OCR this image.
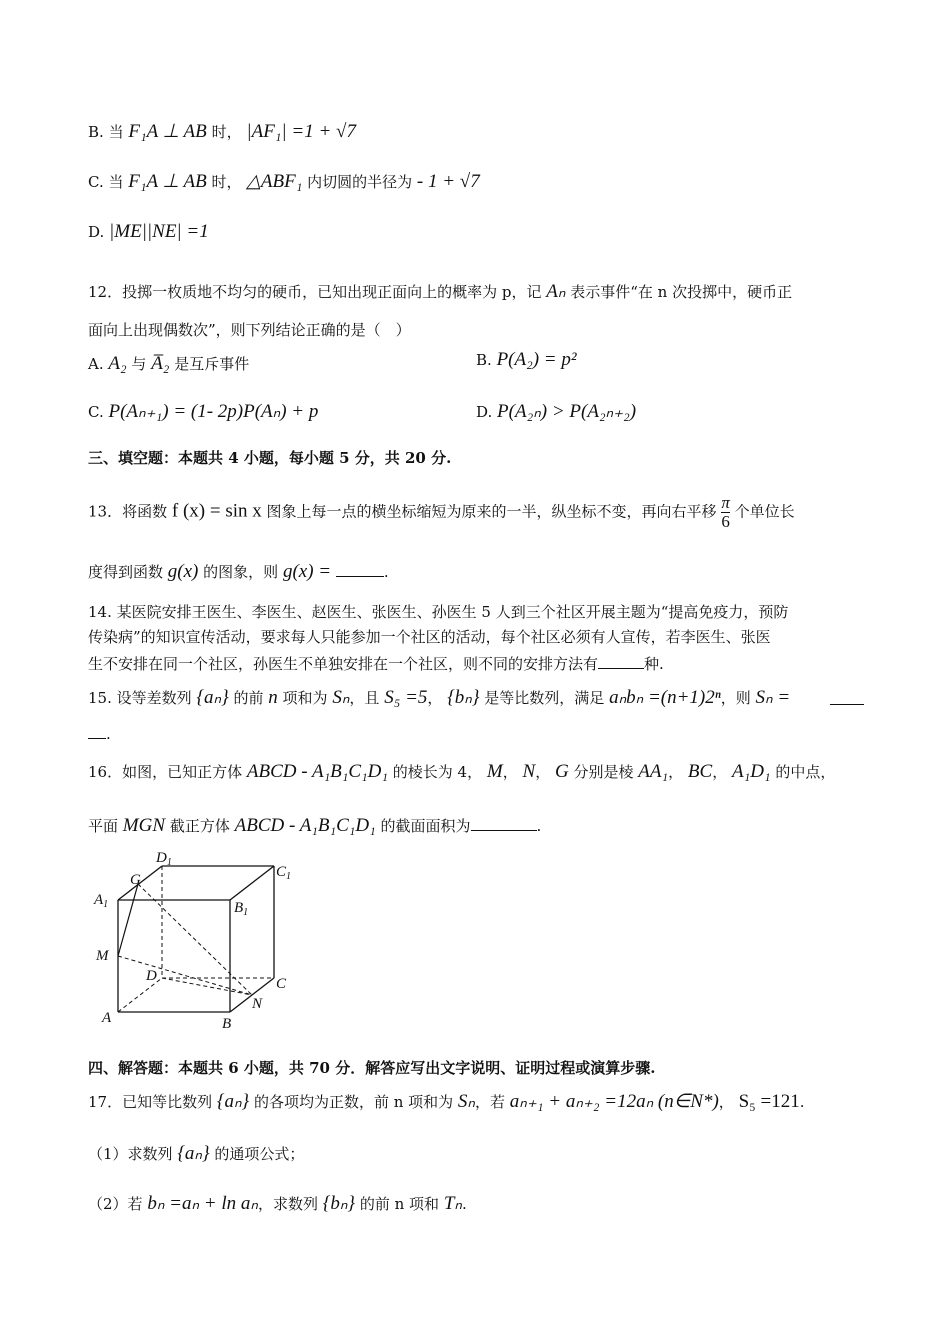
B. 当 F₁A ⊥ AB 时， |AF₁| =1 + √7
C. 当 F₁A ⊥ AB 时， △ABF₁ 内切圆的半径为 - 1 + √7
D. |ME||NE| =1
12．投掷一枚质地不均匀的硬币，已知出现正面向上的概率为 p，记 Aₙ 表示事件“在 n 次投掷中，硬币正
面向上出现偶数次”，则下列结论正确的是（　）
A. A₂ 与 A̅₂ 是互斥事件	B. P(A₂) = p²
C. P(Aₙ₊₁) = (1- 2p)P(Aₙ) + p	D. P(A₂ₙ) > P(A₂ₙ₊₂)
三、填空题：本题共 4 小题，每小题 5 分，共 20 分.
13．将函数 f (x) = sin x 图象上每一点的横坐标缩短为原来的一半，纵坐标不变，再向右平移 $\frac{\pi}{6}$ 个单位长
度得到函数 g(x) 的图象，则 g(x) =	.
14. 某医院安排王医生、李医生、赵医生、张医生、孙医生 5 人到三个社区开展主题为“提高免疫力，预防
传染病”的知识宣传活动，要求每人只能参加一个社区的活动，每个社区必须有人宣传，若李医生、张医
生不安排在同一个社区，孙医生不单独安排在一个社区，则不同的安排方法有	种.
15. 设等差数列 {aₙ} 的前 n 项和为 Sₙ，且 S₅ =5， {bₙ} 是等比数列，满足 aₙbₙ =(n+1)2ⁿ，则 Sₙ =
.
16．如图，已知正方体 ABCD - A₁B₁C₁D₁ 的棱长为 4， M， N， G 分别是棱 AA₁， BC， A₁D₁ 的中点，
平面 MGN 截正方体 ABCD - A₁B₁C₁D₁ 的截面面积为	.
$A_1$
G
$D_1$
$C_1$
$B_1$
M
D	C
N
A	B
四、解答题：本题共 6 小题，共 70 分．解答应写出文字说明、证明过程或演算步骤.
17．已知等比数列 {aₙ} 的各项均为正数，前 n 项和为 Sₙ，若 aₙ₊₁ + aₙ₊₂ =12aₙ (n∈N*)， S₅ =121.
（1）求数列 {aₙ} 的通项公式；
（2）若 bₙ =aₙ + ln aₙ，求数列 {bₙ} 的前 n 项和 Tₙ.
